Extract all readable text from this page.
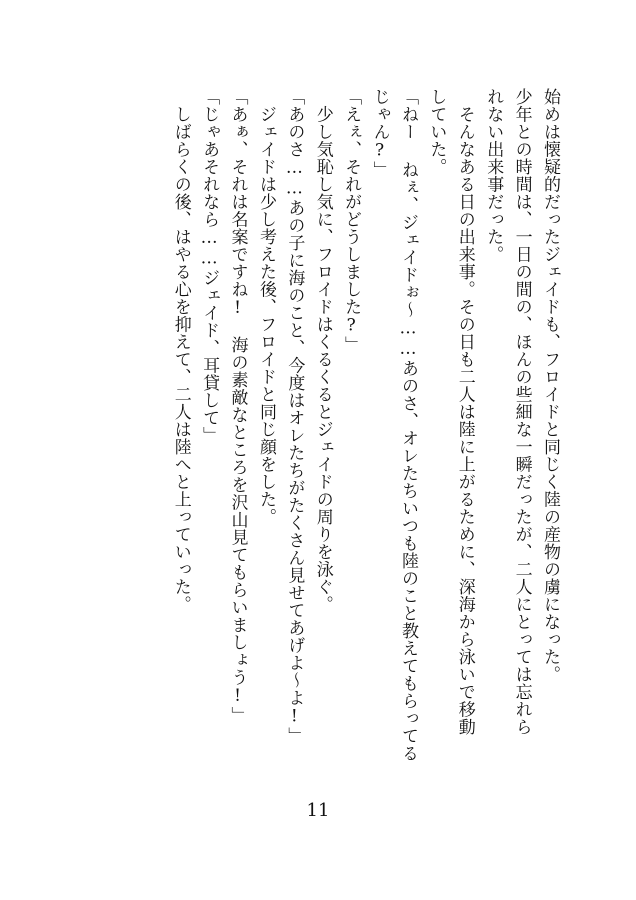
始めは懐疑的だったジェイドも、フロイドと同じく陸の産物の虜になった。
少年との時間は、一日の間の、ほんの些細な一瞬だったが、二人にとっては忘れら
れない出来事だった。
　そんなある日の出来事。その日も二人は陸に上がるために、深海から泳いで移動
していた。
「ねー ねぇ、ジェイドぉ～……あのさ、オレたちいつも陸のこと教えてもらってる
じゃん?」
「えぇ、それがどうしました?」
　少し気恥し気に、フロイドはくるくるとジェイドの周りを泳ぐ。
「あのさ……あの子に海のこと、今度はオレたちがたくさん見せてあげよ～よ!」
　ジェイドは少し考えた後、フロイドと同じ顔をした。
「あぁ、それは名案ですね!　海の素敵なところを沢山見てもらいましょう!」
「じゃあそれなら……ジェイド、耳貸して」
　しばらくの後、はやる心を抑えて、二人は陸へと上っていった。
11
